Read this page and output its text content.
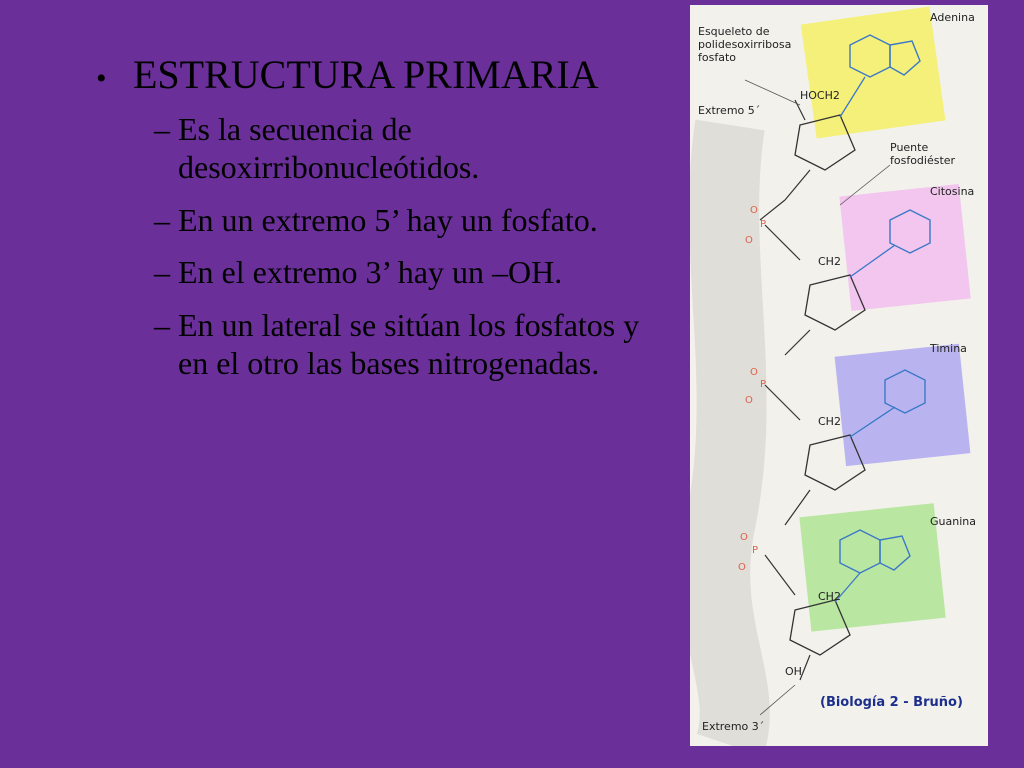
• ESTRUCTURA PRIMARIA
– Es la secuencia de desoxirribonucleótidos.
– En un extremo 5’ hay un fosfato.
– En el extremo 3’ hay un –OH.
– En un lateral se sitúan los fosfatos y en el otro las bases nitrogenadas.
O
P
O
O
P
O
O
P
O
Esqueleto de polidesoxirribosa fosfato
Extremo 5´
HOCH2
Puente fosfodiéster
Adenina
Citosina
CH2
Timina
CH2
Guanina
CH2
OH
Extremo 3´
(Biología 2 - Bruño)
